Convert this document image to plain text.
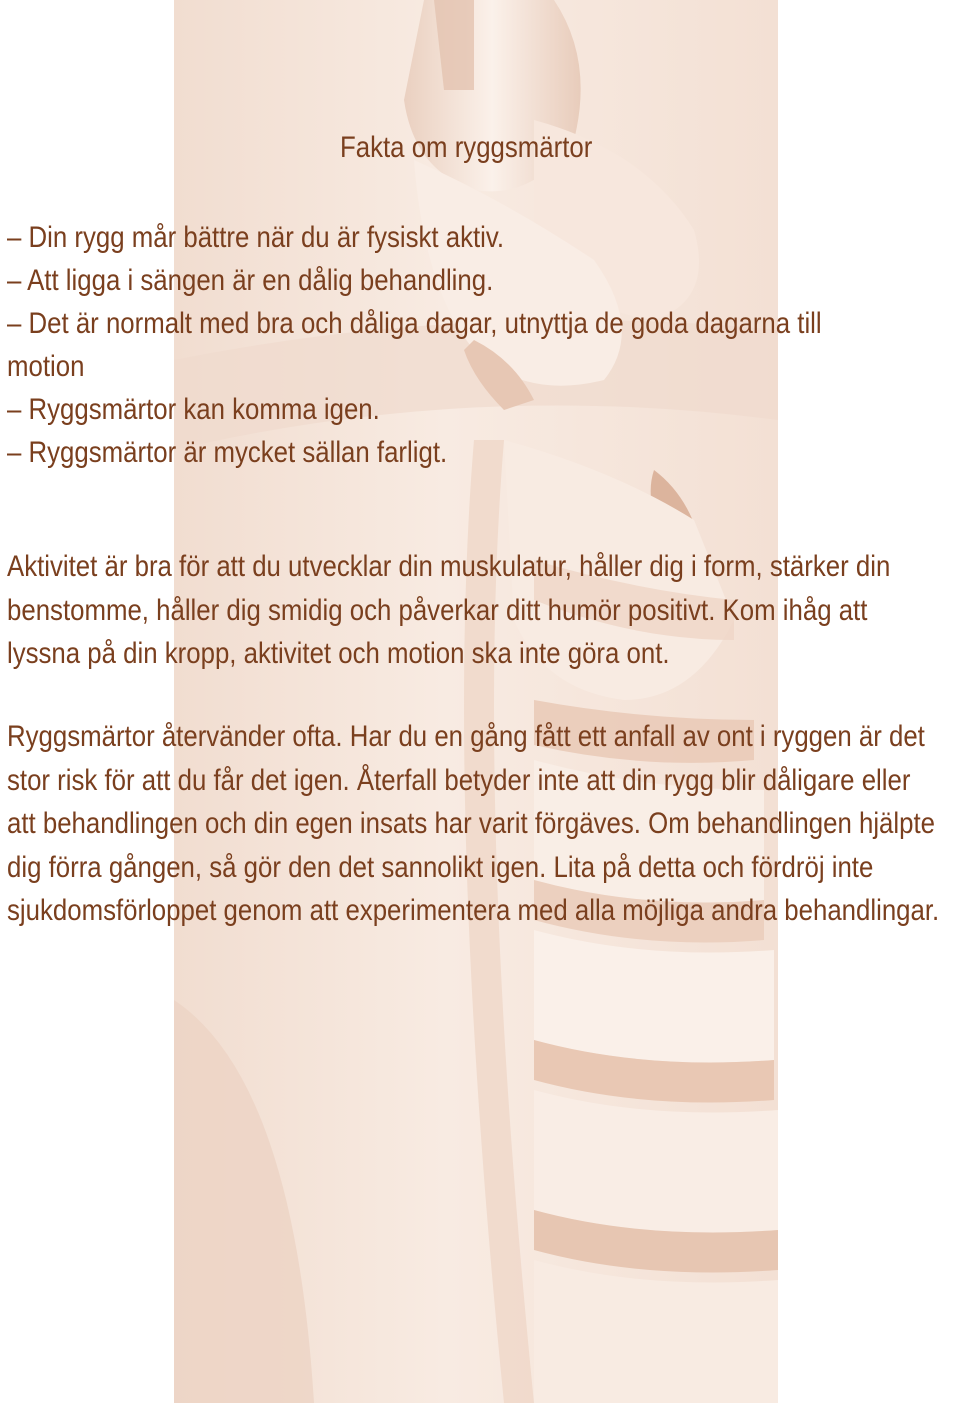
Fakta om ryggsmärtor
– Din rygg mår bättre när du är fysiskt aktiv.
– Att ligga i sängen är en dålig behandling.
– Det är normalt med bra och dåliga dagar, utnyttja de goda dagarna till
motion
– Ryggsmärtor kan komma igen.
– Ryggsmärtor är mycket sällan farligt.
Aktivitet är bra för att du utvecklar din muskulatur, håller dig i form, stärker din benstomme, håller dig smidig och påverkar ditt humör positivt. Kom ihåg att lyssna på din kropp, aktivitet och motion ska inte göra ont.
Ryggsmärtor återvänder ofta. Har du en gång fått ett anfall av ont i ryggen är det stor risk för att du får det igen. Återfall betyder inte att din rygg blir dåligare eller att behandlingen och din egen insats har varit förgäves. Om behandlingen hjälpte dig förra gången, så gör den det sannolikt igen. Lita på detta och fördröj inte sjukdomsförloppet genom att experimentera med alla möjliga andra behandlingar.
